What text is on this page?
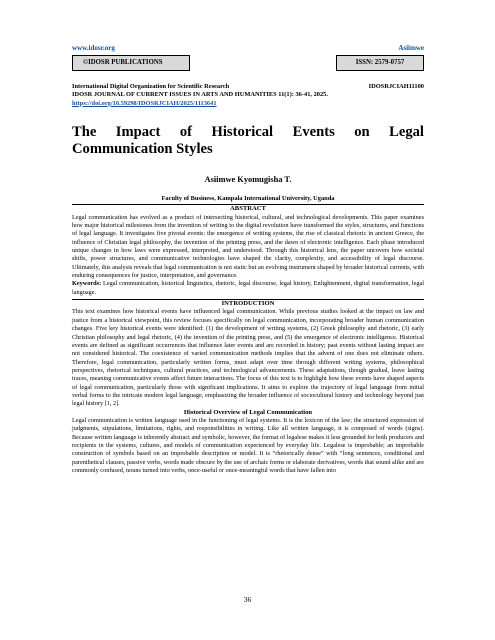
www.idosr.org	Asiimwe
©IDOSR PUBLICATIONS	ISSN: 2579-0757
International Digital Organization for Scientific Research	IDOSRJCIAH11100
IDOSR JOURNAL OF CURRENT ISSUES IN ARTS AND HUMANITIES 11(1): 36-41, 2025.
https://doi.org/10.59298/IDOSRJCIAH/2025/1113641
The Impact of Historical Events on Legal Communication Styles
Asiimwe Kyomugisha T.
Faculty of Business, Kampala International University, Uganda
ABSTRACT
Legal communication has evolved as a product of intersecting historical, cultural, and technological developments. This paper examines how major historical milestones from the invention of writing to the digital revolution have transformed the styles, structures, and functions of legal language. It investigates five pivotal events: the emergence of writing systems, the rise of classical rhetoric in ancient Greece, the influence of Christian legal philosophy, the invention of the printing press, and the dawn of electronic intelligence. Each phase introduced unique changes in how laws were expressed, interpreted, and understood. Through this historical lens, the paper uncovers how societal shifts, power structures, and communicative technologies have shaped the clarity, complexity, and accessibility of legal discourse. Ultimately, this analysis reveals that legal communication is not static but an evolving instrument shaped by broader historical currents, with enduring consequences for justice, interpretation, and governance.
Keywords: Legal communication, historical linguistics, rhetoric, legal discourse, legal history, Enlightenment, digital transformation, legal language.
INTRODUCTION
This text examines how historical events have influenced legal communication. While previous studies looked at the impact on law and justice from a historical viewpoint, this review focuses specifically on legal communication, incorporating broader human communication changes. Five key historical events were identified: (1) the development of writing systems, (2) Greek philosophy and rhetoric, (3) early Christian philosophy and legal rhetoric, (4) the invention of the printing press, and (5) the emergence of electronic intelligence. Historical events are defined as significant occurrences that influence later events and are recorded in history; past events without lasting impact are not considered historical. The coexistence of varied communication methods implies that the advent of one does not eliminate others. Therefore, legal communication, particularly written forms, must adapt over time through different writing systems, philosophical perspectives, rhetorical techniques, cultural practices, and technological advancements. These adaptations, though gradual, leave lasting traces, meaning communicative events affect future interactions. The focus of this text is to highlight how these events have shaped aspects of legal communication, particularly those with significant implications. It aims to explore the trajectory of legal language from initial verbal forms to the intricate modern legal language, emphasizing the broader influence of sociocultural history and technology beyond just legal history [1, 2].
Historical Overview of Legal Communication
Legal communication is written language used in the functioning of legal systems. It is the lexicon of the law; the structured expression of judgments, stipulations, limitations, rights, and responsibilities in writing. Like all written language, it is composed of words (signs). Because written language is inherently abstract and symbolic, however, the format of legalese makes it less grounded for both producers and recipients in the systems, cultures, and models of communication experienced by everyday life. Legalese is improbable; an improbable construction of symbols based on an improbable description or model. It is “rhetorically dense” with “long sentences, conditional and parenthetical clauses, passive verbs, words made obscure by the use of archaic forms or elaborate derivatives, words that sound alike and are commonly confused, nouns turned into verbs, once-useful or once-meaningful words that have fallen into
36
